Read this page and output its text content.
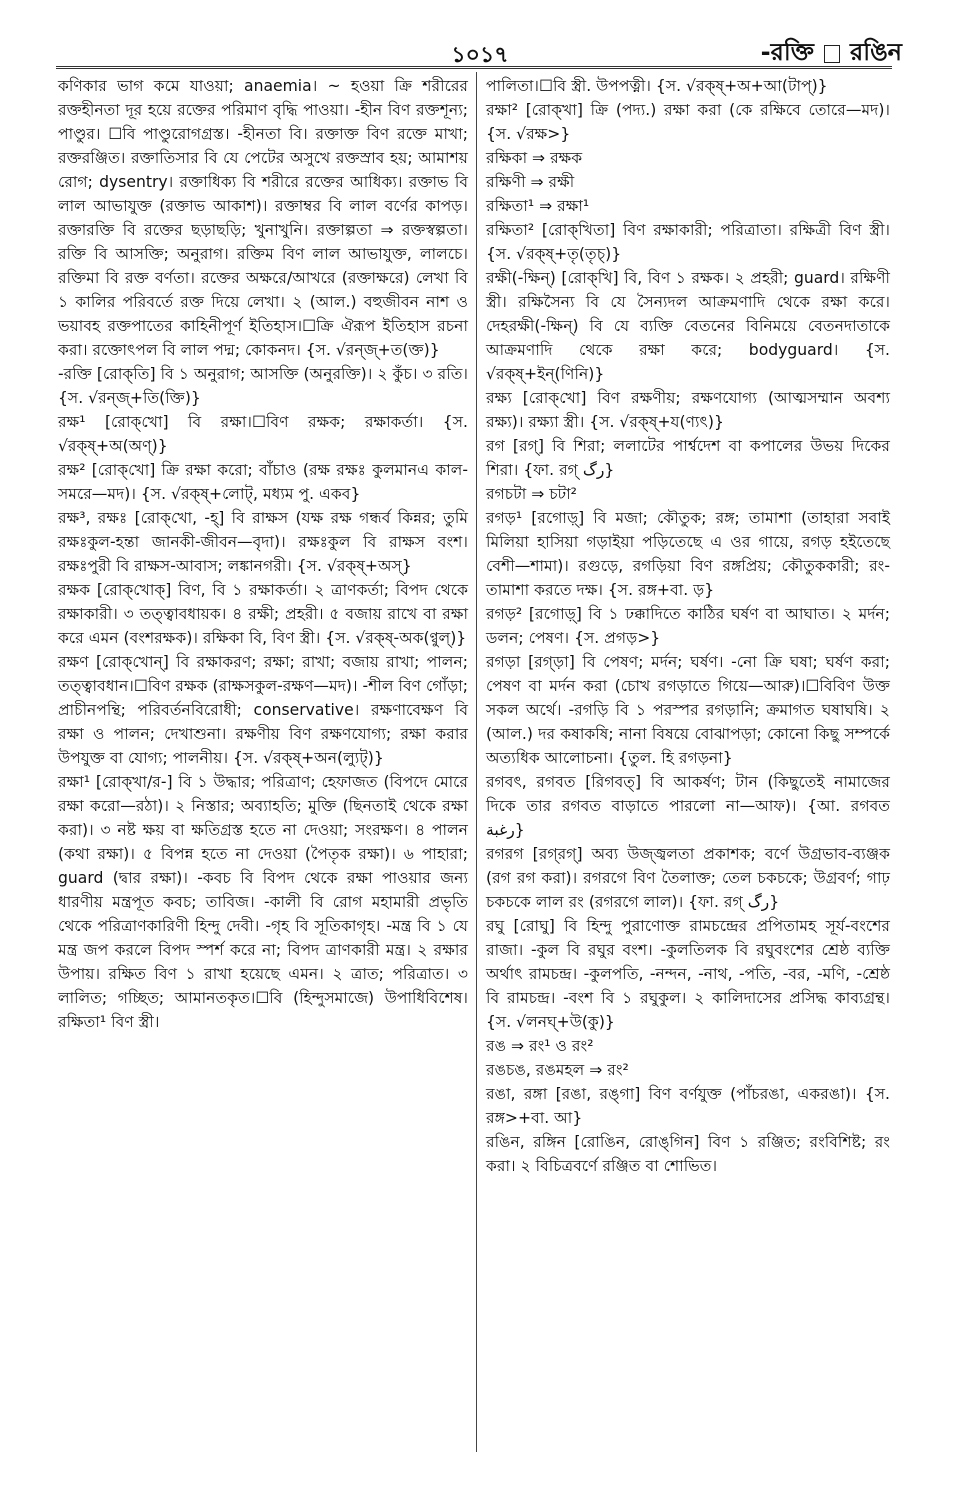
১০১৭	-রক্তি রঙিন

কণিকার ভাগ কমে যাওয়া; anaemia। ~ হওয়া ক্রি শরীরের রক্তহীনতা দূর হয়ে রক্তের পরিমাণ বৃদ্ধি পাওয়া। -হীন বিণ রক্তশূন্য; পাণ্ডুর। ☐বি পাণ্ডুরোগগ্রস্ত। -হীনতা বি। রক্তাক্ত বিণ রক্তে মাখা; রক্তরঞ্জিত। রক্তাতিসার বি যে পেটের অসুখে রক্তস্রাব হয়; আমাশয় রোগ; dysentry। রক্তাধিক্য বি শরীরে রক্তের আধিক্য। রক্তাভ বি লাল আভাযুক্ত (রক্তাভ আকাশ)। রক্তাম্বর বি লাল বর্ণের কাপড়। রক্তারক্তি বি রক্তের ছড়াছড়ি; খুনাখুনি। রক্তাল্পতা ⇒ রক্তস্বল্পতা। রক্তি বি আসক্তি; অনুরাগ। রক্তিম বিণ লাল আভাযুক্ত, লালচে। রক্তিমা বি রক্ত বর্ণতা। রক্তের অক্ষরে/আখরে (রক্তাক্ষরে) লেখা বি ১ কালির পরিবর্তে রক্ত দিয়ে লেখা। ২ (আল.) বহুজীবন নাশ ও ভয়াবহ রক্তপাতের কাহিনীপূর্ণ ইতিহাস।☐ক্রি ঐরূপ ইতিহাস রচনা করা। রক্তোৎপল বি লাল পদ্ম; কোকনদ। {স. √রন্জ্‌+ত(ক্ত)}

-রক্তি [রোক্‌তি] বি ১ অনুরাগ; আসক্তি (অনুরক্তি)। ২ কুঁচ। ৩ রতি। {স. √রন্জ্‌+তি(ক্তি)}

রক্ষ¹ [রোক্‌খো] বি রক্ষা।☐বিণ রক্ষক; রক্ষাকর্তা। {স. √রক্ষ্‌+অ(অণ্)}

রক্ষ² [রোক্‌খো] ক্রি রক্ষা করো; বাঁচাও (রক্ষ রক্ষঃ কুলমানএ কাল-সমরে—মদ)। {স. √রক্ষ্‌+লোট্‌, মধ্যম পু. একব}

রক্ষ³, রক্ষঃ [রোক্‌খো, -হ্‌] বি রাক্ষস (যক্ষ রক্ষ গন্ধর্ব কিন্নর; তুমি রক্ষঃকুল-হন্তা জানকী-জীবন—বৃদা)। রক্ষঃকুল বি রাক্ষস বংশ। রক্ষঃপুরী বি রাক্ষস-আবাস; লঙ্কানগরী। {স. √রক্ষ্‌+অস্‌}

রক্ষক [রোক্‌খোক্‌] বিণ, বি ১ রক্ষাকর্তা। ২ ত্রাণকর্তা; বিপদ থেকে রক্ষাকারী। ৩ তত্ত্বাবধায়ক। ৪ রক্ষী; প্রহরী। ৫ বজায় রাখে বা রক্ষা করে এমন (বংশরক্ষক)। রক্ষিকা বি, বিণ স্ত্রী। {স. √রক্ষ্‌-অক(ণ্বুল্‌)}

রক্ষণ [রোক্‌খোন্‌] বি রক্ষাকরণ; রক্ষা; রাখা; বজায় রাখা; পালন; তত্ত্বাবধান।☐বিণ রক্ষক (রাক্ষসকুল-রক্ষণ—মদ)। -শীল বিণ গোঁড়া; প্রাচীনপন্থি; পরিবর্তনবিরোধী; conservative। রক্ষণাবেক্ষণ বি রক্ষা ও পালন; দেখাশুনা। রক্ষণীয় বিণ রক্ষণযোগ্য; রক্ষা করার উপযুক্ত বা যোগ্য; পালনীয়। {স. √রক্ষ্‌+অন(ল্যুট্‌)}

রক্ষা¹ [রোক্‌খা/র-] বি ১ উদ্ধার; পরিত্রাণ; হেফাজত (বিপদে মোরে রক্ষা করো—রঠা)। ২ নিস্তার; অব্যাহতি; মুক্তি (ছিনতাই থেকে রক্ষা করা)। ৩ নষ্ট ক্ষয় বা ক্ষতিগ্রস্ত হতে না দেওয়া; সংরক্ষণ। ৪ পালন (কথা রক্ষা)। ৫ বিপন্ন হতে না দেওয়া (পৈতৃক রক্ষা)। ৬ পাহারা; guard (দ্বার রক্ষা)। -কবচ বি বিপদ থেকে রক্ষা পাওয়ার জন্য ধারণীয় মন্ত্রপূত কবচ; তাবিজ। -কালী বি রোগ মহামারী প্রভৃতি থেকে পরিত্রাণকারিণী হিন্দু দেবী। -গৃহ বি সূতিকাগৃহ। -মন্ত্র বি ১ যে মন্ত্র জপ করলে বিপদ স্পর্শ করে না; বিপদ ত্রাণকারী মন্ত্র। ২ রক্ষার উপায়। রক্ষিত বিণ ১ রাখা হয়েছে এমন। ২ ত্রাত; পরিত্রাত। ৩ লালিত; গচ্ছিত; আমানতকৃত।☐বি (হিন্দুসমাজে) উপাধিবিশেষ। রক্ষিতা¹ বিণ স্ত্রী।

পালিতা।☐বি স্ত্রী. উপপত্নী। {স. √রক্ষ্‌+অ+আ(টাপ্‌)}

রক্ষা² [রোক্‌খা] ক্রি (পদ্য.) রক্ষা করা (কে রক্ষিবে তোরে—মদ)। {স. √রক্ষ>}

রক্ষিকা ⇒ রক্ষক

রক্ষিণী ⇒ রক্ষী

রক্ষিতা¹ ⇒ রক্ষা¹

রক্ষিতা² [রোক্‌খিতা] বিণ রক্ষাকারী; পরিত্রাতা। রক্ষিত্রী বিণ স্ত্রী। {স. √রক্ষ্‌+তৃ(তৃচ্‌)}

রক্ষী(-ক্ষিন্‌) [রোক্‌খি] বি, বিণ ১ রক্ষক। ২ প্রহরী; guard। রক্ষিণী স্ত্রী। রক্ষিসৈন্য বি যে সৈন্যদল আক্রমণাদি থেকে রক্ষা করে। দেহরক্ষী(-ক্ষিন্‌) বি যে ব্যক্তি বেতনের বিনিময়ে বেতনদাতাকে আক্রমণাদি থেকে রক্ষা করে; bodyguard। {স. √রক্ষ্‌+ইন্‌(ণিনি)}

রক্ষ্য [রোক্‌খো] বিণ রক্ষণীয়; রক্ষণযোগ্য (আত্মসম্মান অবশ্য রক্ষ্য)। রক্ষ্যা স্ত্রী। {স. √রক্ষ্‌+য(ণ্যৎ)}

রগ [রগ্‌] বি শিরা; ললাটের পার্শ্বদেশ বা কপালের উভয় দিকের শিরা। {ফা. রগ্‌ رگ}

রগচটা ⇒ চটা²

রগড়¹ [রগোড়্‌] বি মজা; কৌতুক; রঙ্গ; তামাশা (তাহারা সবাই মিলিয়া হাসিয়া গড়াইয়া পড়িতেছে এ ওর গায়ে, রগড় হইতেছে বেশী—শামা)। রগুড়ে, রগড়িয়া বিণ রঙ্গপ্রিয়; কৌতুককারী; রং-তামাশা করতে দক্ষ। {স. রঙ্গ+বা. ড়}

রগড়² [রগোড়্‌] বি ১ ঢক্কাদিতে কাঠির ঘর্ষণ বা আঘাত। ২ মর্দন; ডলন; পেষণ। {স. প্রগড়>}

রগড়া [রগ্‌ড়া] বি পেষণ; মর্দন; ঘর্ষণ। -নো ক্রি ঘষা; ঘর্ষণ করা; পেষণ বা মর্দন করা (চোখ রগড়াতে গিয়ে—আরু)।☐বিবিণ উক্ত সকল অর্থে। -রগড়ি বি ১ পরস্পর রগড়ানি; ক্রমাগত ঘষাঘষি। ২ (আল.) দর কষাকষি; নানা বিষয়ে বোঝাপড়া; কোনো কিছু সম্পর্কে অত্যধিক আলোচনা। {তুল. হি রগড়না}

রগবৎ, রগবত [রিগবত্‌] বি আকর্ষণ; টান (কিছুতেই নামাজের দিকে তার রগবত বাড়াতে পারলো না—আফ)। {আ. রগবত رغبة}

রগরগ [রগ্‌রগ্‌] অব্য উজ্জ্বলতা প্রকাশক; বর্ণে উগ্রভাব-ব্যঞ্জক (রগ রগ করা)। রগরগে বিণ তৈলাক্ত; তেল চকচকে; উগ্রবর্ণ; গাঢ় চকচকে লাল রং (রগরগে লাল)। {ফা. রগ্‌ رگ}

রঘু [রোঘু] বি হিন্দু পুরাণোক্ত রামচন্দ্রের প্রপিতামহ সূর্য-বংশের রাজা। -কুল বি রঘুর বংশ। -কুলতিলক বি রঘুবংশের শ্রেষ্ঠ ব্যক্তি অর্থাৎ রামচন্দ্র। -কুলপতি, -নন্দন, -নাথ, -পতি, -বর, -মণি, -শ্রেষ্ঠ বি রামচন্দ্র। -বংশ বি ১ রঘুকুল। ২ কালিদাসের প্রসিদ্ধ কাব্যগ্রন্থ। {স. √লনঘ্‌+উ(কু)}

রঙ ⇒ রং¹ ও রং²

রঙচঙ, রঙমহল ⇒ রং²

রঙা, রঙ্গা [রঙা, রঙ্‌গা] বিণ বর্ণযুক্ত (পাঁচরঙা, একরঙা)। {স. রঙ্গ>+বা. আ}

রঙিন, রঙ্গিন [রোঙিন, রোঙ্‌গিন] বিণ ১ রঞ্জিত; রংবিশিষ্ট; রং করা। ২ বিচিত্রবর্ণে রঞ্জিত বা শোভিত।
